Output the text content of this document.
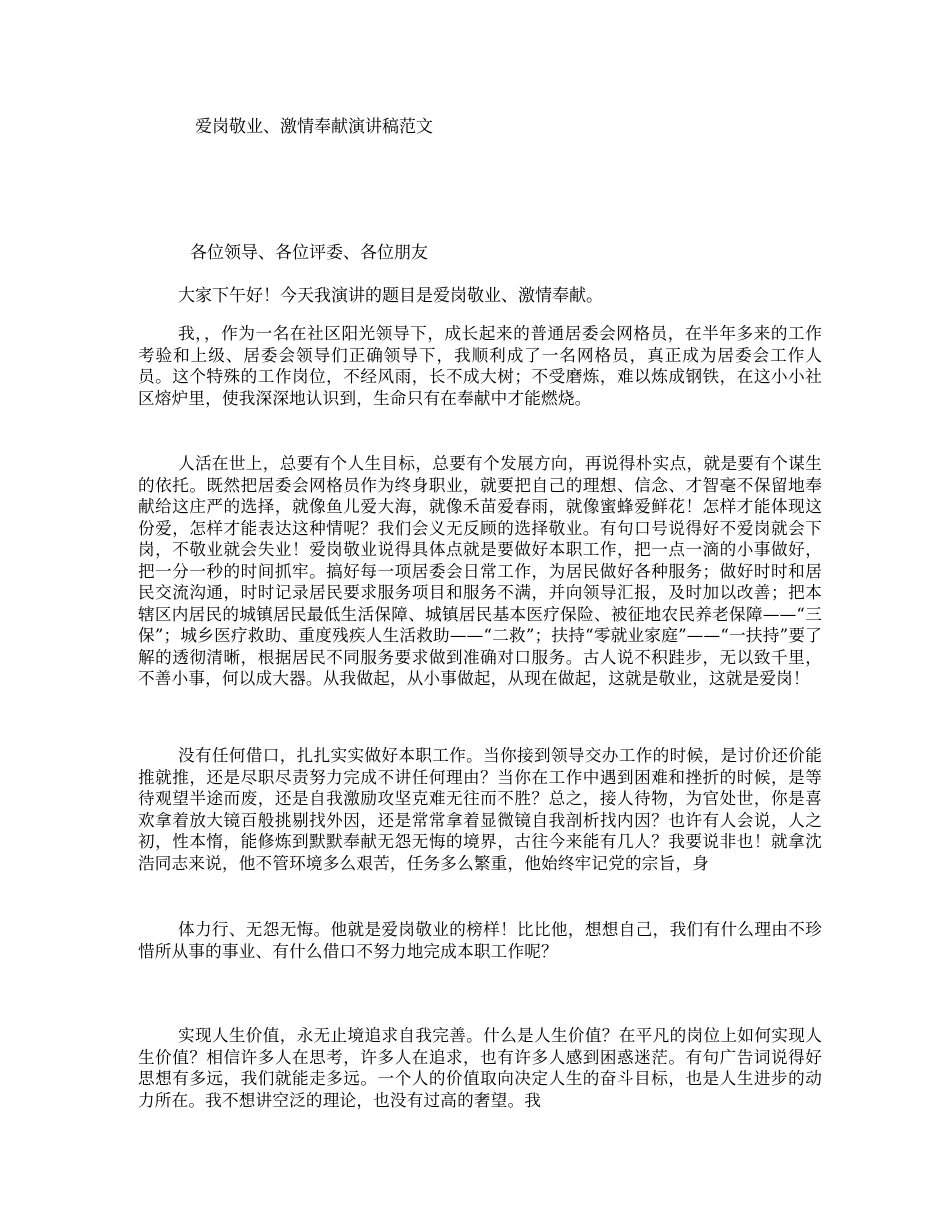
爱岗敬业、激情奉献演讲稿范文
各位领导、各位评委、各位朋友
大家下午好！今天我演讲的题目是爱岗敬业、激情奉献。

我，，作为一名在社区阳光领导下，成长起来的普通居委会网格员，在半年多来的工作考验和上级、居委会领导们正确领导下，我顺利成了一名网格员，真正成为居委会工作人员。这个特殊的工作岗位，不经风雨，长不成大树；不受磨炼，难以炼成钢铁，在这小小社区熔炉里，使我深深地认识到，生命只有在奉献中才能燃烧。

人活在世上，总要有个人生目标，总要有个发展方向，再说得朴实点，就是要有个谋生的依托。既然把居委会网格员作为终身职业，就要把自己的理想、信念、才智毫不保留地奉献给这庄严的选择，就像鱼儿爱大海，就像禾苗爱春雨，就像蜜蜂爱鲜花！怎样才能体现这份爱，怎样才能表达这种情呢？我们会义无反顾的选择敬业。有句口号说得好不爱岗就会下岗，不敬业就会失业！爱岗敬业说得具体点就是要做好本职工作，把一点一滴的小事做好，把一分一秒的时间抓牢。搞好每一项居委会日常工作，为居民做好各种服务；做好时时和居民交流沟通，时时记录居民要求服务项目和服务不满，并向领导汇报，及时加以改善；把本辖区内居民的城镇居民最低生活保障、城镇居民基本医疗保险、被征地农民养老保障——“三保”；城乡医疗救助、重度残疾人生活救助——“二救”；扶持“零就业家庭”——“一扶持”要了解的透彻清晰，根据居民不同服务要求做到准确对口服务。古人说不积跬步，无以致千里，不善小事，何以成大器。从我做起，从小事做起，从现在做起，这就是敬业，这就是爱岗！

没有任何借口，扎扎实实做好本职工作。当你接到领导交办工作的时候，是讨价还价能推就推，还是尽职尽责努力完成不讲任何理由？当你在工作中遇到困难和挫折的时候，是等待观望半途而废，还是自我激励攻坚克难无往而不胜？总之，接人待物，为官处世，你是喜欢拿着放大镜百般挑剔找外因，还是常常拿着显微镜自我剖析找内因？也许有人会说，人之初，性本惰，能修炼到默默奉献无怨无悔的境界，古往今来能有几人？我要说非也！就拿沈浩同志来说，他不管环境多么艰苦，任务多么繁重，他始终牢记党的宗旨，身

体力行、无怨无悔。他就是爱岗敬业的榜样！比比他，想想自己，我们有什么理由不珍惜所从事的事业、有什么借口不努力地完成本职工作呢？

实现人生价值，永无止境追求自我完善。什么是人生价值？在平凡的岗位上如何实现人生价值？相信许多人在思考，许多人在追求，也有许多人感到困惑迷茫。有句广告词说得好思想有多远，我们就能走多远。一个人的价值取向决定人生的奋斗目标，也是人生进步的动力所在。我不想讲空泛的理论，也没有过高的奢望。我
